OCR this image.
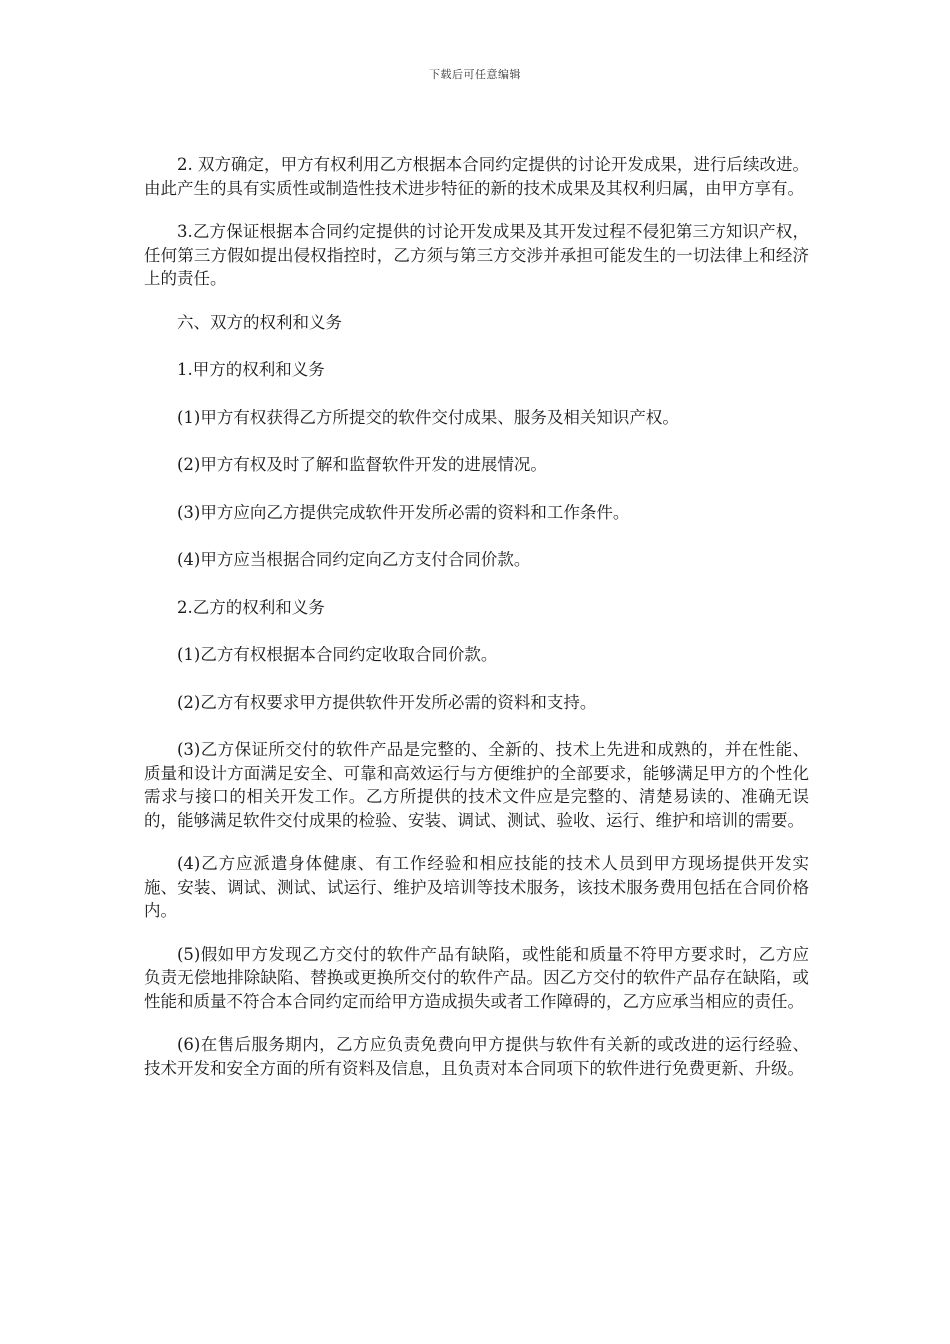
下载后可任意编辑

2. 双方确定，甲方有权利用乙方根据本合同约定提供的讨论开发成果，进行后续改进。由此产生的具有实质性或制造性技术进步特征的新的技术成果及其权利归属，由甲方享有。

3.乙方保证根据本合同约定提供的讨论开发成果及其开发过程不侵犯第三方知识产权，任何第三方假如提出侵权指控时，乙方须与第三方交涉并承担可能发生的一切法律上和经济上的责任。

六、双方的权利和义务

1.甲方的权利和义务

(1)甲方有权获得乙方所提交的软件交付成果、服务及相关知识产权。

(2)甲方有权及时了解和监督软件开发的进展情况。

(3)甲方应向乙方提供完成软件开发所必需的资料和工作条件。

(4)甲方应当根据合同约定向乙方支付合同价款。

2.乙方的权利和义务

(1)乙方有权根据本合同约定收取合同价款。

(2)乙方有权要求甲方提供软件开发所必需的资料和支持。

(3)乙方保证所交付的软件产品是完整的、全新的、技术上先进和成熟的，并在性能、质量和设计方面满足安全、可靠和高效运行与方便维护的全部要求，能够满足甲方的个性化需求与接口的相关开发工作。乙方所提供的技术文件应是完整的、清楚易读的、准确无误的，能够满足软件交付成果的检验、安装、调试、测试、验收、运行、维护和培训的需要。

(4)乙方应派遣身体健康、有工作经验和相应技能的技术人员到甲方现场提供开发实施、安装、调试、测试、试运行、维护及培训等技术服务，该技术服务费用包括在合同价格内。

(5)假如甲方发现乙方交付的软件产品有缺陷，或性能和质量不符甲方要求时，乙方应负责无偿地排除缺陷、替换或更换所交付的软件产品。因乙方交付的软件产品存在缺陷，或性能和质量不符合本合同约定而给甲方造成损失或者工作障碍的，乙方应承当相应的责任。

(6)在售后服务期内，乙方应负责免费向甲方提供与软件有关新的或改进的运行经验、技术开发和安全方面的所有资料及信息，且负责对本合同项下的软件进行免费更新、升级。
